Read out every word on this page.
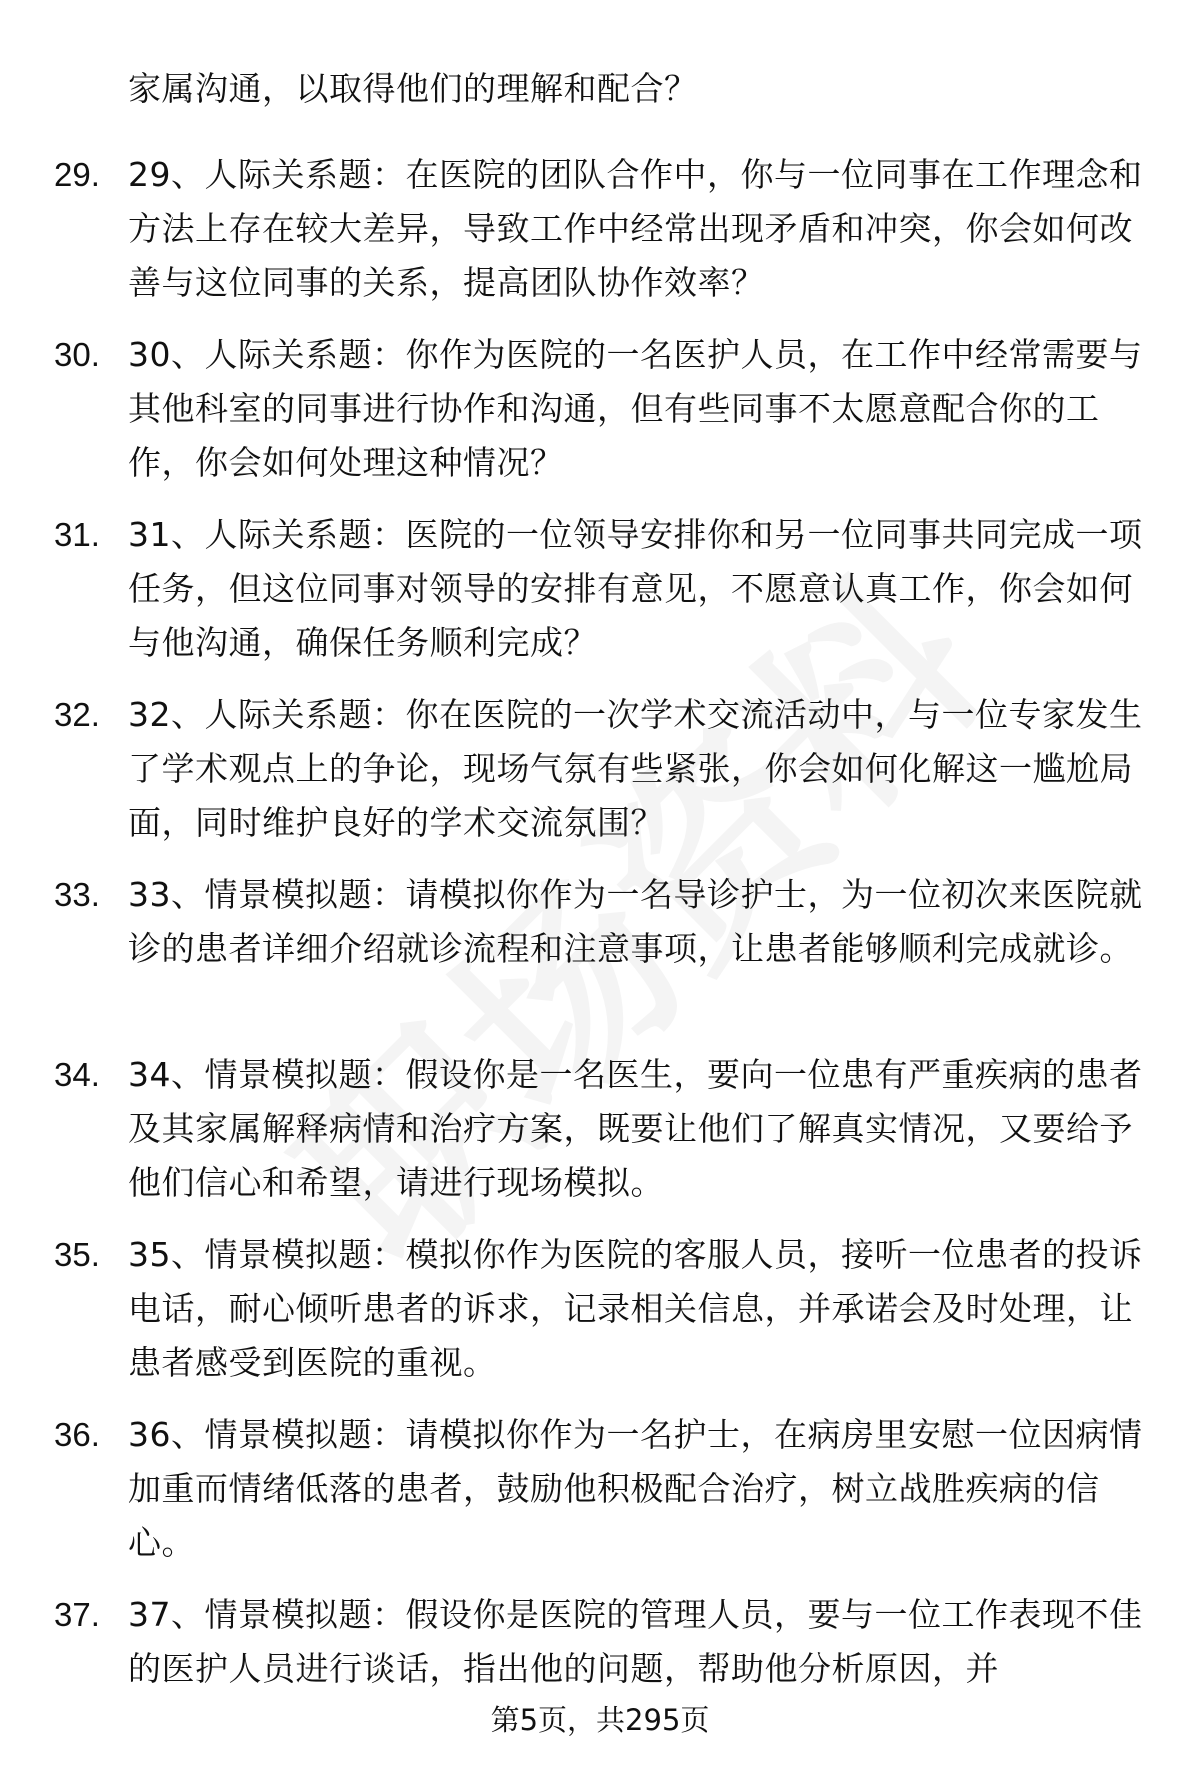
家属沟通，以取得他们的理解和配合？
29. 29、人际关系题：在医院的团队合作中，你与一位同事在工作理念和方法上存在较大差异，导致工作中经常出现矛盾和冲突，你会如何改善与这位同事的关系，提高团队协作效率？
30. 30、人际关系题：你作为医院的一名医护人员，在工作中经常需要与其他科室的同事进行协作和沟通，但有些同事不太愿意配合你的工作，你会如何处理这种情况？
31. 31、人际关系题：医院的一位领导安排你和另一位同事共同完成一项任务，但这位同事对领导的安排有意见，不愿意认真工作，你会如何与他沟通，确保任务顺利完成？
32. 32、人际关系题：你在医院的一次学术交流活动中，与一位专家发生了学术观点上的争论，现场气氛有些紧张，你会如何化解这一尴尬局面，同时维护良好的学术交流氛围？
33. 33、情景模拟题：请模拟你作为一名导诊护士，为一位初次来医院就诊的患者详细介绍就诊流程和注意事项，让患者能够顺利完成就诊。
34. 34、情景模拟题：假设你是一名医生，要向一位患有严重疾病的患者及其家属解释病情和治疗方案，既要让他们了解真实情况，又要给予他们信心和希望，请进行现场模拟。
35. 35、情景模拟题：模拟你作为医院的客服人员，接听一位患者的投诉电话，耐心倾听患者的诉求，记录相关信息，并承诺会及时处理，让患者感受到医院的重视。
36. 36、情景模拟题：请模拟你作为一名护士，在病房里安慰一位因病情加重而情绪低落的患者，鼓励他积极配合治疗，树立战胜疾病的信心。
37. 37、情景模拟题：假设你是医院的管理人员，要与一位工作表现不佳的医护人员进行谈话，指出他的问题，帮助他分析原因，并
第5页，共295页
